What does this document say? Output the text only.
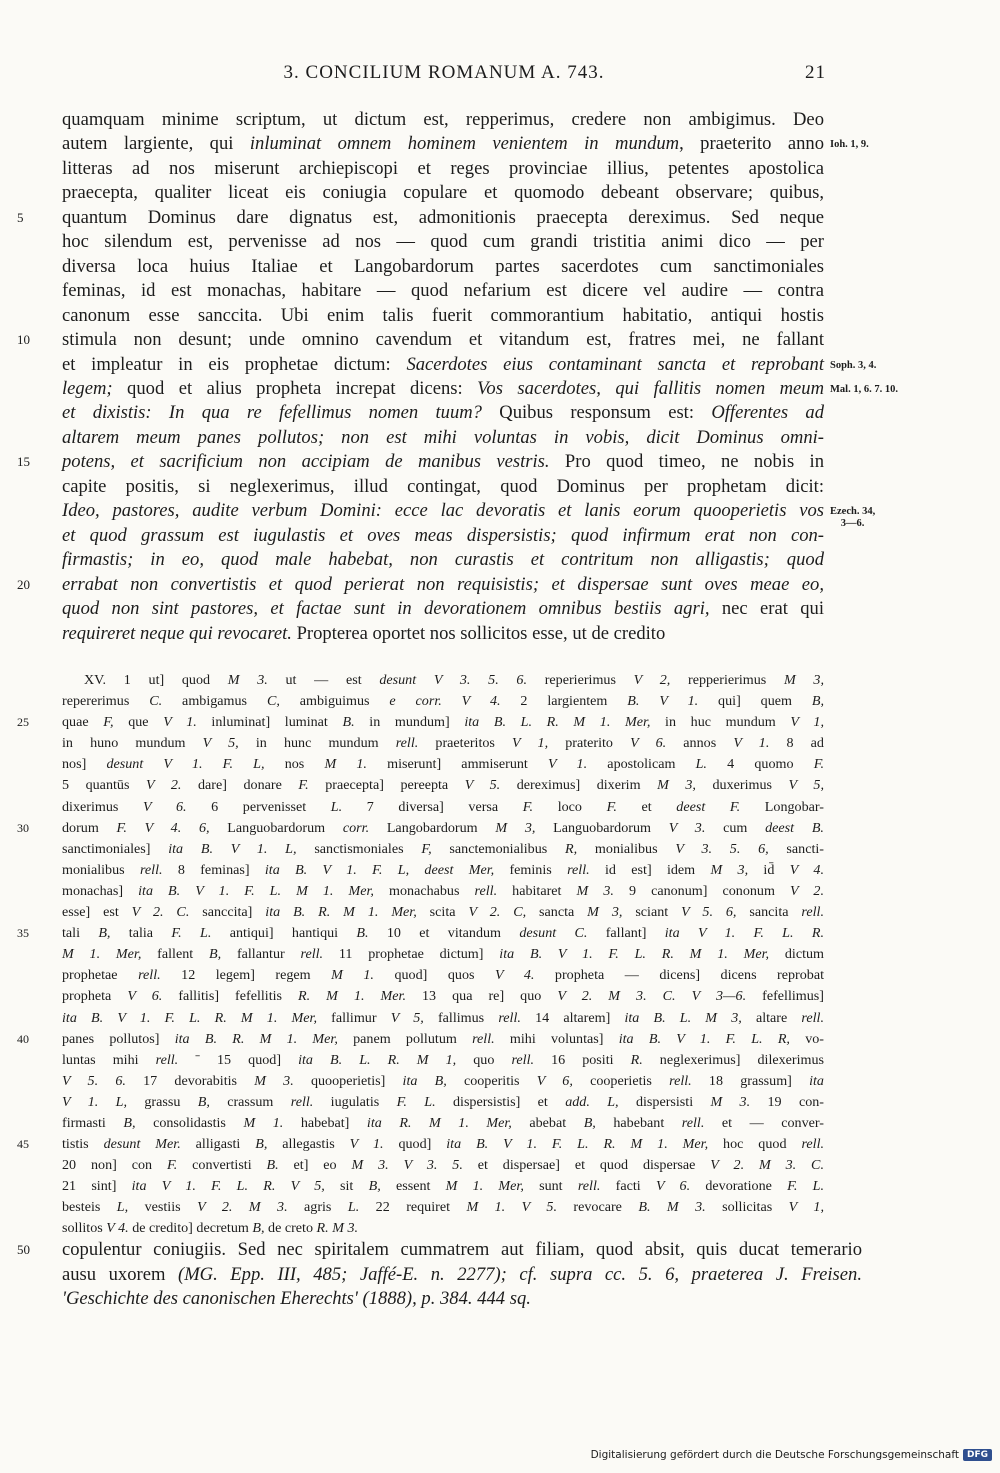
3. CONCILIUM ROMANUM A. 743.	21
quamquam minime scriptum, ut dictum est, repperimus, credere non ambigimus. Deo
autem largiente, qui inluminat omnem hominem venientem in mundum, praeterito anno Ioh. 1, 9.
litteras ad nos miserunt archiepiscopi et reges provinciae illius, petentes apostolica
praecepta, qualiter liceat eis coniugia copulare et quomodo debeant observare; quibus,
quantum Dominus dare dignatus est, admonitionis praecepta dereximus. Sed neque
5
hoc silendum est, pervenisse ad nos — quod cum grandi tristitia animi dico — per
diversa loca huius Italiae et Langobardorum partes sacerdotes cum sanctimoniales
feminas, id est monachas, habitare — quod nefarium est dicere vel audire — contra
canonum esse sanccita. Ubi enim talis fuerit commorantium habitatio, antiqui hostis
stimula non desunt; unde omnino cavendum et vitandum est, fratres mei, ne fallant
10
et impleatur in eis prophetae dictum: Sacerdotes eius contaminant sancta et reprobant Soph. 3, 4.
legem; quod et alius propheta increpat dicens: Vos sacerdotes, qui fallitis nomen meum Mal. 1, 6. 7. 10.
et dixistis: In qua re fefellimus nomen tuum? Quibus responsum est: Offerentes ad
altarem meum panes pollutos; non est mihi voluntas in vobis, dicit Dominus omni-
potens, et sacrificium non accipiam de manibus vestris. Pro quod timeo, ne nobis in
15
capite positis, si neglexerimus, illud contingat, quod Dominus per prophetam dicit:
Ideo, pastores, audite verbum Domini: ecce lac devoratis et lanis eorum quooperietis vos Ezech. 34,
3—6.
et quod grassum est iugulastis et oves meas dispersistis; quod infirmum erat non con-
firmastis; in eo, quod male habebat, non curastis et contritum non alligastis; quod
errabat non convertistis et quod perierat non requisistis; et dispersae sunt oves meae eo,
20
quod non sint pastores, et factae sunt in devorationem omnibus bestiis agri, nec erat qui
requireret neque qui revocaret. Propterea oportet nos sollicitos esse, ut de credito
XV. 1 ut] quod M 3. ut — est desunt V 3. 5. 6. reperierimus V 2, repperierimus M 3,
repererimus C. ambigamus C, ambiguimus e corr. V 4. 2 largientem B. V 1. qui] quem B,
quae F, que V 1. inluminat] luminat B. in mundum] ita B. L. R. M 1. Mer, in huc mundum V 1,
25
in huno mundum V 5, in hunc mundum rell. praeteritos V 1, praterito V 6. annos V 1. 8 ad
nos] desunt V 1. F. L, nos M 1. miserunt] ammiserunt V 1. apostolicam L. 4 quomo F.
5 quantūs V 2. dare] donare F. praecepta] pereepta V 5. dereximus] dixerim M 3, duxerimus V 5,
dixerimus V 6. 6 pervenisset L. 7 diversa] versa F. loco F. et deest F. Longobar-
dorum F. V 4. 6, Languobardorum corr. Langobardorum M 3, Languobardorum V 3. cum deest B.
30
sanctimoniales] ita B. V 1. L, sanctismoniales F, sanctemonialibus R, monialibus V 3. 5. 6, sancti-
monialibus rell. 8 feminas] ita B. V 1. F. L, deest Mer, feminis rell. id est] idem M 3, id̄ V 4.
monachas] ita B. V 1. F. L. M 1. Mer, monachabus rell. habitaret M 3. 9 canonum] cononum V 2.
esse] est V 2. C. sanccita] ita B. R. M 1. Mer, scita V 2. C, sancta M 3, sciant V 5. 6, sancita rell.
tali B, talia F. L. antiqui] hantiqui B. 10 et vitandum desunt C. fallant] ita V 1. F. L. R.
35
M 1. Mer, fallent B, fallantur rell. 11 prophetae dictum] ita B. V 1. F. L. R. M 1. Mer, dictum
prophetae rell. 12 legem] regem M 1. quod] quos V 4. propheta — dicens] dicens reprobat
propheta V 6. fallitis] fefellitis R. M 1. Mer. 13 qua re] quo V 2. M 3. C. V 3—6. fefellimus]
ita B. V 1. F. L. R. M 1. Mer, fallimur V 5, fallimus rell. 14 altarem] ita B. L. M 3, altare rell.
panes pollutos] ita B. R. M 1. Mer, panem pollutum rell. mihi voluntas] ita B. V 1. F. L. R, vo-
40
luntas mihi rell. ˉ 15 quod] ita B. L. R. M 1, quo rell. 16 positi R. neglexerimus] dilexerimus
V 5. 6. 17 devorabitis M 3. quooperietis] ita B, cooperitis V 6, cooperietis rell. 18 grassum] ita
V 1. L, grassu B, crassum rell. iugulatis F. L. dispersistis] et add. L, dispersisti M 3. 19 con-
firmasti B, consolidastis M 1. habebat] ita R. M 1. Mer, abebat B, habebant rell. et — conver-
tistis desunt Mer. alligasti B, allegastis V 1. quod] ita B. V 1. F. L. R. M 1. Mer, hoc quod rell.
45
20 non] con F. convertisti B. et] eo M 3. V 3. 5. et dispersae] et quod dispersae V 2. M 3. C.
21 sint] ita V 1. F. L. R. V 5, sit B, essent M 1. Mer, sunt rell. facti V 6. devoratione F. L.
besteis L, vestiis V 2. M 3. agris L. 22 requiret M 1. V 5. revocare B. M 3. sollicitas V 1,
sollitos V 4. de credito] decretum B, de creto R. M 3.
copulentur coniugiis. Sed nec spiritalem cummatrem aut filiam, quod absit, quis ducat temerario
50
ausu uxorem (MG. Epp. III, 485; Jaffé-E. n. 2277); cf. supra cc. 5. 6, praeterea J. Freisen.
'Geschichte des canonischen Eherechts' (1888), p. 384. 444 sq.
Digitalisierung gefördert durch die Deutsche Forschungsgemeinschaft DFG
